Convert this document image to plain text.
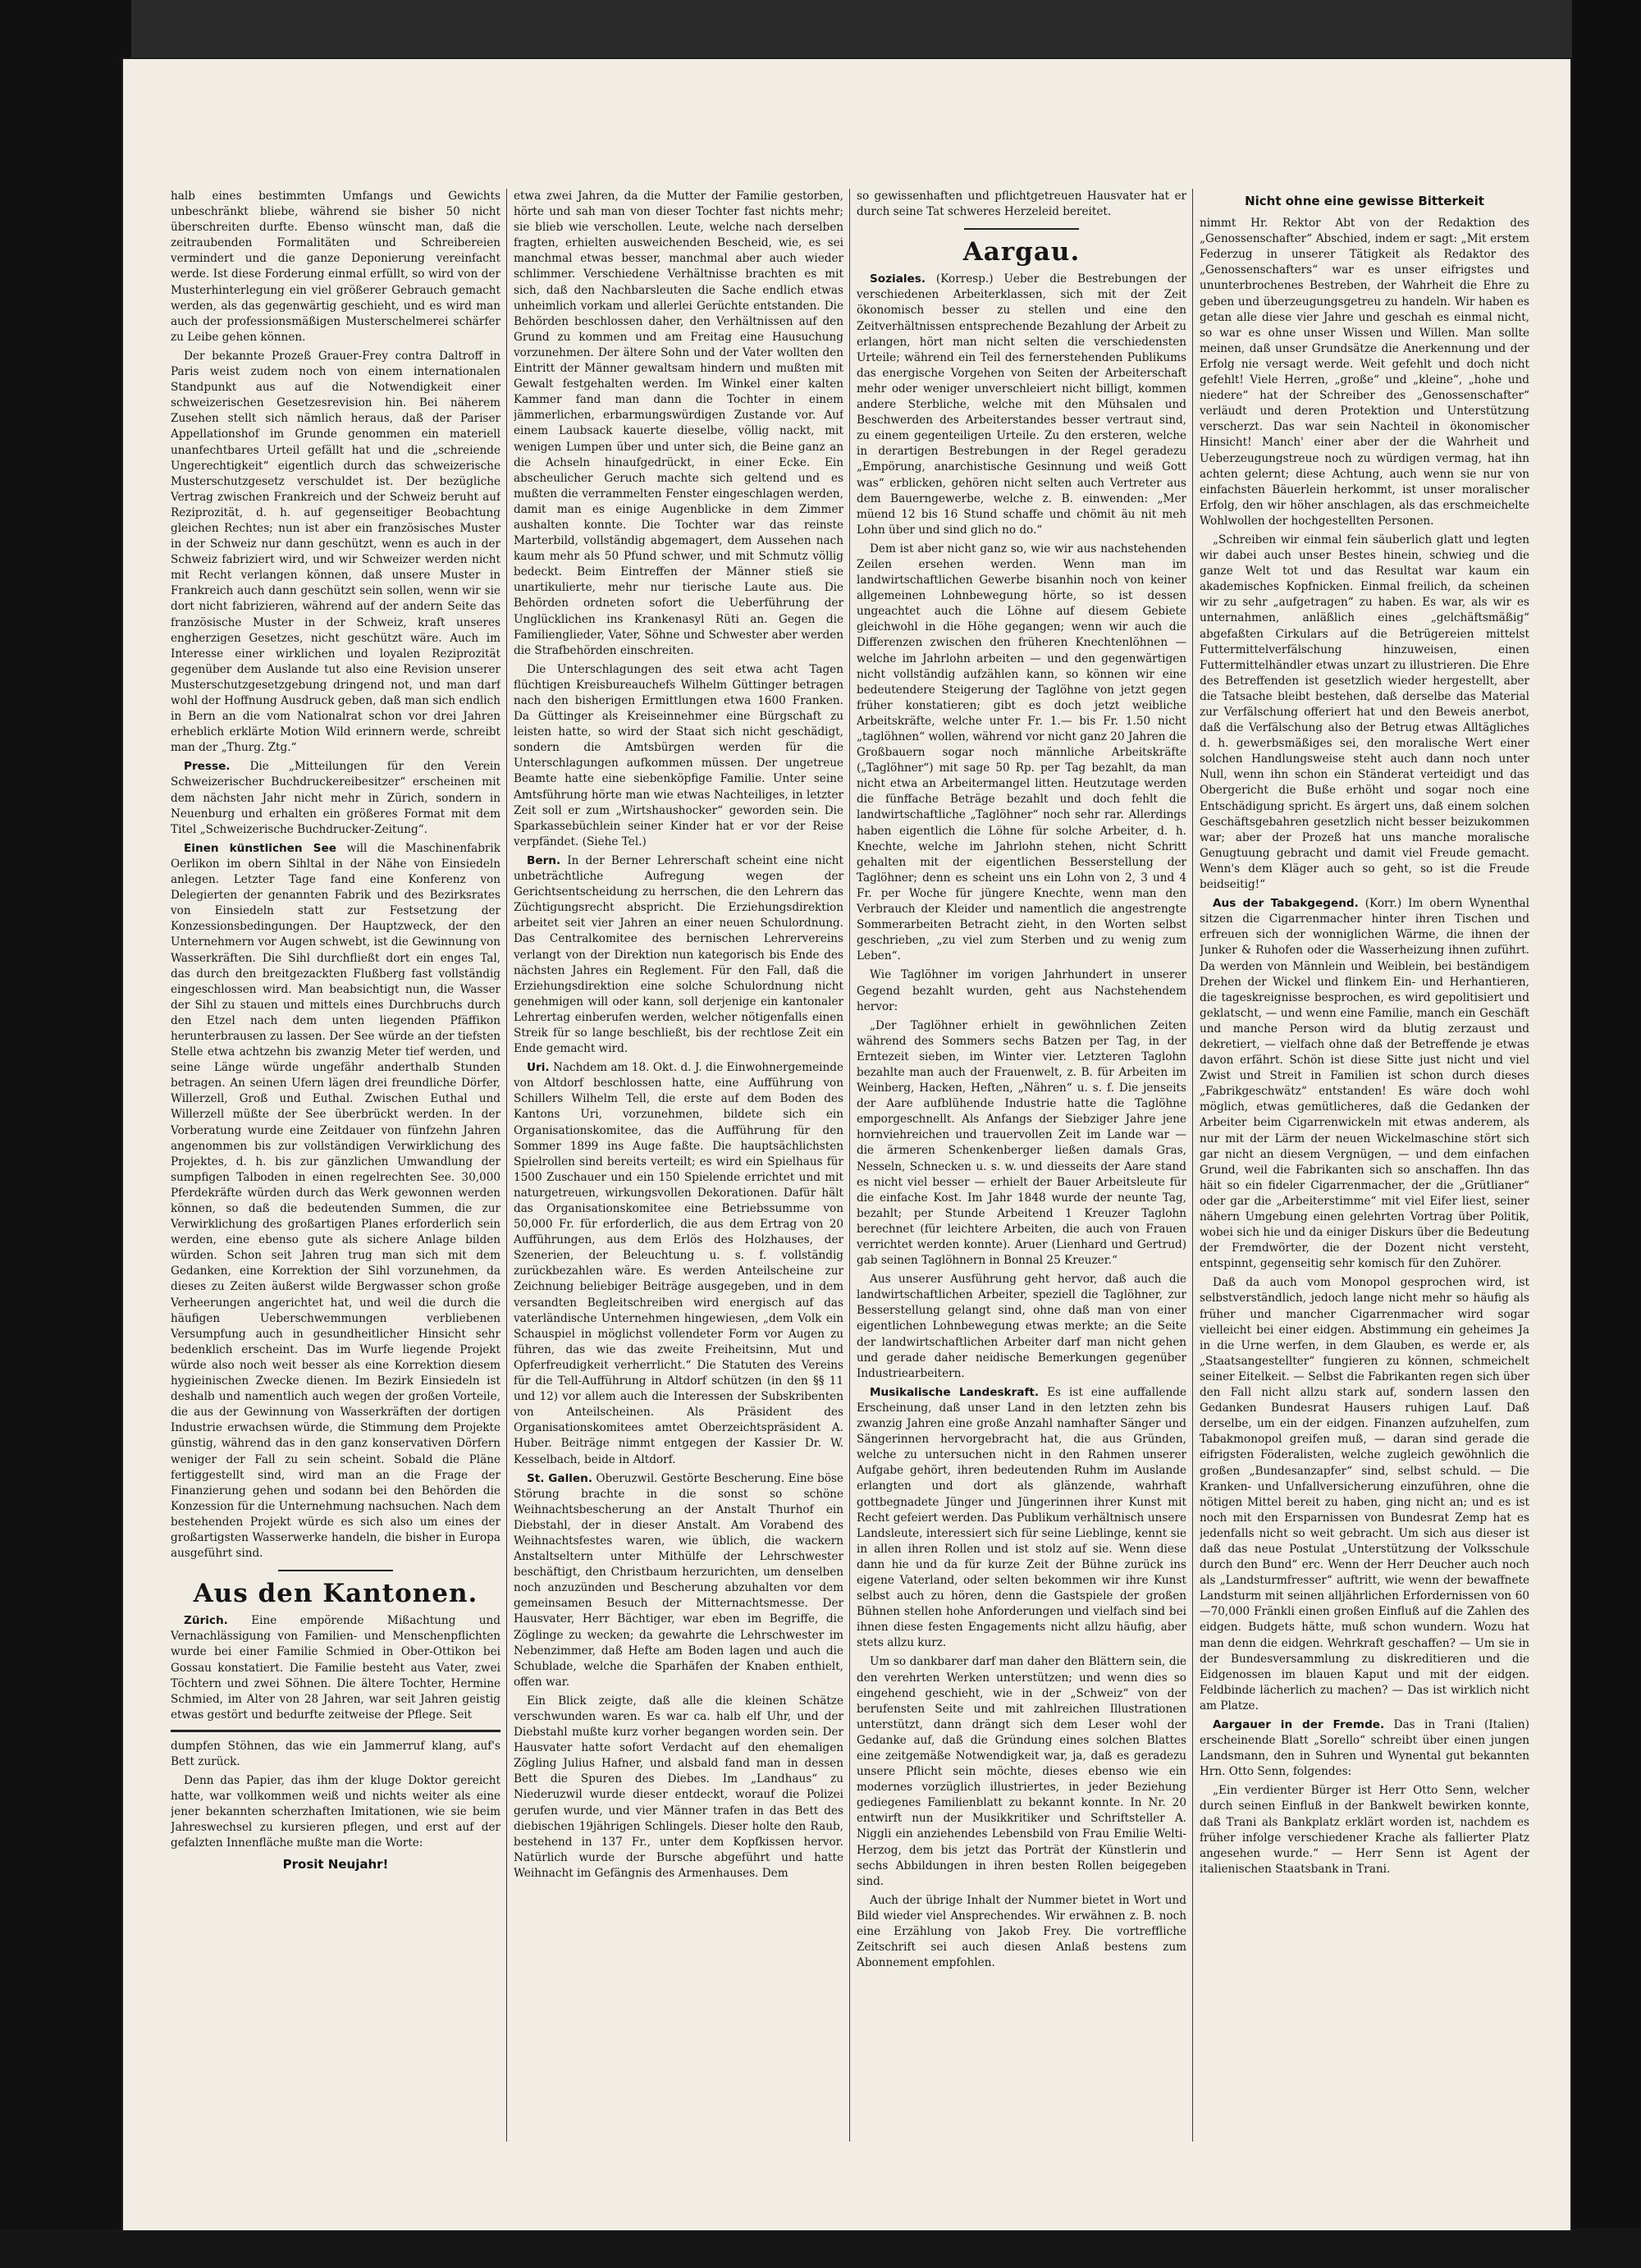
halb eines bestimmten Umfangs und Gewichts unbeschränkt bliebe, während sie bisher 50 nicht überschreiten durfte. Ebenso wünscht man, daß die zeitraubenden Formalitäten und Schreibereien vermindert und die ganze Deponierung vereinfacht werde. Ist diese Forderung einmal erfüllt, so wird von der Musterhinterlegung ein viel größerer Gebrauch gemacht werden, als das gegenwärtig geschieht, und es wird man auch der professionsmäßigen Musterschelmerei schärfer zu Leibe gehen können.

Der bekannte Prozeß Grauer-Frey contra Daltroff in Paris weist zudem noch von einem internationalen Standpunkt aus auf die Notwendigkeit einer schweizerischen Gesetzesrevision hin. Bei näherem Zusehen stellt sich nämlich heraus, daß der Pariser Appellationshof im Grunde genommen ein materiell unanfechtbares Urteil gefällt hat und die „schreiende Ungerechtigkeit“ eigentlich durch das schweizerische Musterschutzgesetz verschuldet ist. Der bezügliche Vertrag zwischen Frankreich und der Schweiz beruht auf Reziprozität, d. h. auf gegenseitiger Beobachtung gleichen Rechtes; nun ist aber ein französisches Muster in der Schweiz nur dann geschützt, wenn es auch in der Schweiz fabriziert wird, und wir Schweizer werden nicht mit Recht verlangen können, daß unsere Muster in Frankreich auch dann geschützt sein sollen, wenn wir sie dort nicht fabrizieren, während auf der andern Seite das französische Muster in der Schweiz, kraft unseres engherzigen Gesetzes, nicht geschützt wäre. Auch im Interesse einer wirklichen und loyalen Reziprozität gegenüber dem Auslande tut also eine Revision unserer Musterschutzgesetzgebung dringend not, und man darf wohl der Hoffnung Ausdruck geben, daß man sich endlich in Bern an die vom Nationalrat schon vor drei Jahren erheblich erklärte Motion Wild erinnern werde, schreibt man der „Thurg. Ztg.“

Presse. Die „Mitteilungen für den Verein Schweizerischer Buchdruckereibesitzer“ erscheinen mit dem nächsten Jahr nicht mehr in Zürich, sondern in Neuenburg und erhalten ein größeres Format mit dem Titel „Schweizerische Buchdrucker-Zeitung“.

Einen künstlichen See will die Maschinenfabrik Oerlikon im obern Sihltal in der Nähe von Einsiedeln anlegen. Letzter Tage fand eine Konferenz von Delegierten der genannten Fabrik und des Bezirksrates von Einsiedeln statt zur Festsetzung der Konzessionsbedingungen. Der Hauptzweck, der den Unternehmern vor Augen schwebt, ist die Gewinnung von Wasserkräften. Die Sihl durchfließt dort ein enges Tal, das durch den breitgezackten Flußberg fast vollständig eingeschlossen wird. Man beabsichtigt nun, die Wasser der Sihl zu stauen und mittels eines Durchbruchs durch den Etzel nach dem unten liegenden Pfäffikon herunterbrausen zu lassen. Der See würde an der tiefsten Stelle etwa achtzehn bis zwanzig Meter tief werden, und seine Länge würde ungefähr anderthalb Stunden betragen. An seinen Ufern lägen drei freundliche Dörfer, Willerzell, Groß und Euthal. Zwischen Euthal und Willerzell müßte der See überbrückt werden. In der Vorberatung wurde eine Zeitdauer von fünfzehn Jahren angenommen bis zur vollständigen Verwirklichung des Projektes, d. h. bis zur gänzlichen Umwandlung der sumpfigen Talboden in einen regelrechten See. 30,000 Pferdekräfte würden durch das Werk gewonnen werden können, so daß die bedeutenden Summen, die zur Verwirklichung des großartigen Planes erforderlich sein werden, eine ebenso gute als sichere Anlage bilden würden. Schon seit Jahren trug man sich mit dem Gedanken, eine Korrektion der Sihl vorzunehmen, da dieses zu Zeiten äußerst wilde Bergwasser schon große Verheerungen angerichtet hat, und weil die durch die häufigen Ueberschwemmungen verbliebenen Versumpfung auch in gesundheitlicher Hinsicht sehr bedenklich erscheint. Das im Wurfe liegende Projekt würde also noch weit besser als eine Korrektion diesem hygieinischen Zwecke dienen. Im Bezirk Einsiedeln ist deshalb und namentlich auch wegen der großen Vorteile, die aus der Gewinnung von Wasserkräften der dortigen Industrie erwachsen würde, die Stimmung dem Projekte günstig, während das in den ganz konservativen Dörfern weniger der Fall zu sein scheint. Sobald die Pläne fertiggestellt sind, wird man an die Frage der Finanzierung gehen und sodann bei den Behörden die Konzession für die Unternehmung nachsuchen. Nach dem bestehenden Projekt würde es sich also um eines der großartigsten Wasserwerke handeln, die bisher in Europa ausgeführt sind.

Aus den Kantonen.

Zürich. Eine empörende Mißachtung und Vernachlässigung von Familien- und Menschenpflichten wurde bei einer Familie Schmied in Ober-Ottikon bei Gossau konstatiert. Die Familie besteht aus Vater, zwei Töchtern und zwei Söhnen. Die ältere Tochter, Hermine Schmied, im Alter von 28 Jahren, war seit Jahren geistig etwas gestört und bedurfte zeitweise der Pflege. Seit

dumpfen Stöhnen, das wie ein Jammerruf klang, auf's Bett zurück.

Denn das Papier, das ihm der kluge Doktor gereicht hatte, war vollkommen weiß und nichts weiter als eine jener bekannten scherzhaften Imitationen, wie sie beim Jahreswechsel zu kursieren pflegen, und erst auf der gefalzten Innenfläche mußte man die Worte:

Prosit Neujahr!

etwa zwei Jahren, da die Mutter der Familie gestorben, hörte und sah man von dieser Tochter fast nichts mehr; sie blieb wie verschollen. Leute, welche nach derselben fragten, erhielten ausweichenden Bescheid, wie, es sei manchmal etwas besser, manchmal aber auch wieder schlimmer. Verschiedene Verhältnisse brachten es mit sich, daß den Nachbarsleuten die Sache endlich etwas unheimlich vorkam und allerlei Gerüchte entstanden. Die Behörden beschlossen daher, den Verhältnissen auf den Grund zu kommen und am Freitag eine Hausuchung vorzunehmen. Der ältere Sohn und der Vater wollten den Eintritt der Männer gewaltsam hindern und mußten mit Gewalt festgehalten werden. Im Winkel einer kalten Kammer fand man dann die Tochter in einem jämmerlichen, erbarmungswürdigen Zustande vor. Auf einem Laubsack kauerte dieselbe, völlig nackt, mit wenigen Lumpen über und unter sich, die Beine ganz an die Achseln hinaufgedrückt, in einer Ecke. Ein abscheulicher Geruch machte sich geltend und es mußten die verrammelten Fenster eingeschlagen werden, damit man es einige Augenblicke in dem Zimmer aushalten konnte. Die Tochter war das reinste Marterbild, vollständig abgemagert, dem Aussehen nach kaum mehr als 50 Pfund schwer, und mit Schmutz völlig bedeckt. Beim Eintreffen der Männer stieß sie unartikulierte, mehr nur tierische Laute aus. Die Behörden ordneten sofort die Ueberführung der Unglücklichen ins Krankenasyl Rüti an. Gegen die Familienglieder, Vater, Söhne und Schwester aber werden die Strafbehörden einschreiten.

Die Unterschlagungen des seit etwa acht Tagen flüchtigen Kreisbureauchefs Wilhelm Güttinger betragen nach den bisherigen Ermittlungen etwa 1600 Franken. Da Güttinger als Kreiseinnehmer eine Bürgschaft zu leisten hatte, so wird der Staat sich nicht geschädigt, sondern die Amtsbürgen werden für die Unterschlagungen aufkommen müssen. Der ungetreue Beamte hatte eine siebenköpfige Familie. Unter seine Amtsführung hörte man wie etwas Nachteiliges, in letzter Zeit soll er zum „Wirtshaushocker“ geworden sein. Die Sparkassebüchlein seiner Kinder hat er vor der Reise verpfändet. (Siehe Tel.)

Bern. In der Berner Lehrerschaft scheint eine nicht unbeträchtliche Aufregung wegen der Gerichtsentscheidung zu herrschen, die den Lehrern das Züchtigungsrecht abspricht. Die Erziehungsdirektion arbeitet seit vier Jahren an einer neuen Schulordnung. Das Centralkomitee des bernischen Lehrervereins verlangt von der Direktion nun kategorisch bis Ende des nächsten Jahres ein Reglement. Für den Fall, daß die Erziehungsdirektion eine solche Schulordnung nicht genehmigen will oder kann, soll derjenige ein kantonaler Lehrertag einberufen werden, welcher nötigenfalls einen Streik für so lange beschließt, bis der rechtlose Zeit ein Ende gemacht wird.

Uri. Nachdem am 18. Okt. d. J. die Einwohnergemeinde von Altdorf beschlossen hatte, eine Aufführung von Schillers Wilhelm Tell, die erste auf dem Boden des Kantons Uri, vorzunehmen, bildete sich ein Organisationskomitee, das die Aufführung für den Sommer 1899 ins Auge faßte. Die hauptsächlichsten Spielrollen sind bereits verteilt; es wird ein Spielhaus für 1500 Zuschauer und ein 150 Spielende errichtet und mit naturgetreuen, wirkungsvollen Dekorationen. Dafür hält das Organisationskomitee eine Betriebssumme von 50,000 Fr. für erforderlich, die aus dem Ertrag von 20 Aufführungen, aus dem Erlös des Holzhauses, der Szenerien, der Beleuchtung u. s. f. vollständig zurückbezahlen wäre. Es werden Anteilscheine zur Zeichnung beliebiger Beiträge ausgegeben, und in dem versandten Begleitschreiben wird energisch auf das vaterländische Unternehmen hingewiesen, „dem Volk ein Schauspiel in möglichst vollendeter Form vor Augen zu führen, das wie das zweite Freiheitsinn, Mut und Opferfreudigkeit verherrlicht.“ Die Statuten des Vereins für die Tell-Aufführung in Altdorf schützen (in den §§ 11 und 12) vor allem auch die Interessen der Subskribenten von Anteilscheinen. Als Präsident des Organisationskomitees amtet Oberzeichtspräsident A. Huber. Beiträge nimmt entgegen der Kassier Dr. W. Kesselbach, beide in Altdorf.

St. Gallen. Oberuzwil. Gestörte Bescherung. Eine böse Störung brachte in die sonst so schöne Weihnachtsbescherung an der Anstalt Thurhof ein Diebstahl, der in dieser Anstalt. Am Vorabend des Weihnachtsfestes waren, wie üblich, die wackern Anstaltseltern unter Mithülfe der Lehrschwester beschäftigt, den Christbaum herzurichten, um denselben noch anzuzünden und Bescherung abzuhalten vor dem gemeinsamen Besuch der Mitternachtsmesse. Der Hausvater, Herr Bächtiger, war eben im Begriffe, die Zöglinge zu wecken; da gewahrte die Lehrschwester im Nebenzimmer, daß Hefte am Boden lagen und auch die Schublade, welche die Sparhäfen der Knaben enthielt, offen war.

Ein Blick zeigte, daß alle die kleinen Schätze verschwunden waren. Es war ca. halb elf Uhr, und der Diebstahl mußte kurz vorher begangen worden sein. Der Hausvater hatte sofort Verdacht auf den ehemaligen Zögling Julius Hafner, und alsbald fand man in dessen Bett die Spuren des Diebes. Im „Landhaus“ zu Niederuzwil wurde dieser entdeckt, worauf die Polizei gerufen wurde, und vier Männer trafen in das Bett des diebischen 19jährigen Schlingels. Dieser holte den Raub, bestehend in 137 Fr., unter dem Kopfkissen hervor. Natürlich wurde der Bursche abgeführt und hatte Weihnacht im Gefängnis des Armenhauses. Dem

so gewissenhaften und pflichtgetreuen Hausvater hat er durch seine Tat schweres Herzeleid bereitet.

Aargau.

Soziales. (Korresp.) Ueber die Bestrebungen der verschiedenen Arbeiterklassen, sich mit der Zeit ökonomisch besser zu stellen und eine den Zeitverhältnissen entsprechende Bezahlung der Arbeit zu erlangen, hört man nicht selten die verschiedensten Urteile; während ein Teil des fernerstehenden Publikums das energische Vorgehen von Seiten der Arbeiterschaft mehr oder weniger unverschleiert nicht billigt, kommen andere Sterbliche, welche mit den Mühsalen und Beschwerden des Arbeiterstandes besser vertraut sind, zu einem gegenteiligen Urteile. Zu den ersteren, welche in derartigen Bestrebungen in der Regel geradezu „Empörung, anarchistische Gesinnung und weiß Gott was“ erblicken, gehören nicht selten auch Vertreter aus dem Bauerngewerbe, welche z. B. einwenden: „Mer müend 12 bis 16 Stund schaffe und chömit äu nit meh Lohn über und sind glich no do.“

Dem ist aber nicht ganz so, wie wir aus nachstehenden Zeilen ersehen werden. Wenn man im landwirtschaftlichen Gewerbe bisanhin noch von keiner allgemeinen Lohnbewegung hörte, so ist dessen ungeachtet auch die Löhne auf diesem Gebiete gleichwohl in die Höhe gegangen; wenn wir auch die Differenzen zwischen den früheren Knechtenlöhnen — welche im Jahrlohn arbeiten — und den gegenwärtigen nicht vollständig aufzählen kann, so können wir eine bedeutendere Steigerung der Taglöhne von jetzt gegen früher konstatieren; gibt es doch jetzt weibliche Arbeitskräfte, welche unter Fr. 1.— bis Fr. 1.50 nicht „taglöhnen“ wollen, während vor nicht ganz 20 Jahren die Großbauern sogar noch männliche Arbeitskräfte („Taglöhner“) mit sage 50 Rp. per Tag bezahlt, da man nicht etwa an Arbeitermangel litten. Heutzutage werden die fünffache Beträge bezahlt und doch fehlt die landwirtschaftliche „Taglöhner“ noch sehr rar. Allerdings haben eigentlich die Löhne für solche Arbeiter, d. h. Knechte, welche im Jahrlohn stehen, nicht Schritt gehalten mit der eigentlichen Besserstellung der Taglöhner; denn es scheint uns ein Lohn von 2, 3 und 4 Fr. per Woche für jüngere Knechte, wenn man den Verbrauch der Kleider und namentlich die angestrengte Sommerarbeiten Betracht zieht, in den Worten selbst geschrieben, „zu viel zum Sterben und zu wenig zum Leben“.

Wie Taglöhner im vorigen Jahrhundert in unserer Gegend bezahlt wurden, geht aus Nachstehendem hervor:

„Der Taglöhner erhielt in gewöhnlichen Zeiten während des Sommers sechs Batzen per Tag, in der Erntezeit sieben, im Winter vier. Letzteren Taglohn bezahlte man auch der Frauenwelt, z. B. für Arbeiten im Weinberg, Hacken, Heften, „Nähren“ u. s. f. Die jenseits der Aare aufblühende Industrie hatte die Taglöhne emporgeschnellt. Als Anfangs der Siebziger Jahre jene hornviehreichen und trauervollen Zeit im Lande war — die ärmeren Schenkenberger ließen damals Gras, Nesseln, Schnecken u. s. w. und diesseits der Aare stand es nicht viel besser — erhielt der Bauer Arbeitsleute für die einfache Kost. Im Jahr 1848 wurde der neunte Tag, bezahlt; per Stunde Arbeitend 1 Kreuzer Taglohn berechnet (für leichtere Arbeiten, die auch von Frauen verrichtet werden konnte). Aruer (Lienhard und Gertrud) gab seinen Taglöhnern in Bonnal 25 Kreuzer.“

Aus unserer Ausführung geht hervor, daß auch die landwirtschaftlichen Arbeiter, speziell die Taglöhner, zur Besserstellung gelangt sind, ohne daß man von einer eigentlichen Lohnbewegung etwas merkte; an die Seite der landwirtschaftlichen Arbeiter darf man nicht gehen und gerade daher neidische Bemerkungen gegenüber Industriearbeitern.

Musikalische Landeskraft. Es ist eine auffallende Erscheinung, daß unser Land in den letzten zehn bis zwanzig Jahren eine große Anzahl namhafter Sänger und Sängerinnen hervorgebracht hat, die aus Gründen, welche zu untersuchen nicht in den Rahmen unserer Aufgabe gehört, ihren bedeutenden Ruhm im Auslande erlangten und dort als glänzende, wahrhaft gottbegnadete Jünger und Jüngerinnen ihrer Kunst mit Recht gefeiert werden. Das Publikum verhältnisch unsere Landsleute, interessiert sich für seine Lieblinge, kennt sie in allen ihren Rollen und ist stolz auf sie. Wenn diese dann hie und da für kurze Zeit der Bühne zurück ins eigene Vaterland, oder selten bekommen wir ihre Kunst selbst auch zu hören, denn die Gastspiele der großen Bühnen stellen hohe Anforderungen und vielfach sind bei ihnen diese festen Engagements nicht allzu häufig, aber stets allzu kurz.

Um so dankbarer darf man daher den Blättern sein, die den verehrten Werken unterstützen; und wenn dies so eingehend geschieht, wie in der „Schweiz“ von der berufensten Seite und mit zahlreichen Illustrationen unterstützt, dann drängt sich dem Leser wohl der Gedanke auf, daß die Gründung eines solchen Blattes eine zeitgemäße Notwendigkeit war, ja, daß es geradezu unsere Pflicht sein möchte, dieses ebenso wie ein modernes vorzüglich illustriertes, in jeder Beziehung gediegenes Familienblatt zu bekannt konnte. In Nr. 20 entwirft nun der Musikkritiker und Schriftsteller A. Niggli ein anziehendes Lebensbild von Frau Emilie Welti-Herzog, dem bis jetzt das Porträt der Künstlerin und sechs Abbildungen in ihren besten Rollen beigegeben sind.

Auch der übrige Inhalt der Nummer bietet in Wort und Bild wieder viel Ansprechendes. Wir erwähnen z. B. noch eine Erzählung von Jakob Frey. Die vortreffliche Zeitschrift sei auch diesen Anlaß bestens zum Abonnement empfohlen.

Nicht ohne eine gewisse Bitterkeit

nimmt Hr. Rektor Abt von der Redaktion des „Genossenschafter“ Abschied, indem er sagt: „Mit erstem Federzug in unserer Tätigkeit als Redaktor des „Genossenschafters“ war es unser eifrigstes und ununterbrochenes Bestreben, der Wahrheit die Ehre zu geben und überzeugungsgetreu zu handeln. Wir haben es getan alle diese vier Jahre und geschah es einmal nicht, so war es ohne unser Wissen und Willen. Man sollte meinen, daß unser Grundsätze die Anerkennung und der Erfolg nie versagt werde. Weit gefehlt und doch nicht gefehlt! Viele Herren, „große“ und „kleine“, „hohe und niedere“ hat der Schreiber des „Genossenschafter“ verläudt und deren Protektion und Unterstützung verscherzt. Das war sein Nachteil in ökonomischer Hinsicht! Manch' einer aber der die Wahrheit und Ueberzeugungstreue noch zu würdigen vermag, hat ihn achten gelernt; diese Achtung, auch wenn sie nur von einfachsten Bäuerlein herkommt, ist unser moralischer Erfolg, den wir höher anschlagen, als das erschmeichelte Wohlwollen der hochgestellten Personen.

„Schreiben wir einmal fein säuberlich glatt und legten wir dabei auch unser Bestes hinein, schwieg und die ganze Welt tot und das Resultat war kaum ein akademisches Kopfnicken. Einmal freilich, da scheinen wir zu sehr „aufgetragen“ zu haben. Es war, als wir es unternahmen, anläßlich eines „gelchäftsmäßig“ abgefaßten Cirkulars auf die Betrügereien mittelst Futtermittelverfälschung hinzuweisen, einen Futtermittelhändler etwas unzart zu illustrieren. Die Ehre des Betreffenden ist gesetzlich wieder hergestellt, aber die Tatsache bleibt bestehen, daß derselbe das Material zur Verfälschung offeriert hat und den Beweis anerbot, daß die Verfälschung also der Betrug etwas Alltägliches d. h. gewerbsmäßiges sei, den moralische Wert einer solchen Handlungsweise steht auch dann noch unter Null, wenn ihn schon ein Ständerat verteidigt und das Obergericht die Buße erhöht und sogar noch eine Entschädigung spricht. Es ärgert uns, daß einem solchen Geschäftsgebahren gesetzlich nicht besser beizukommen war; aber der Prozeß hat uns manche moralische Genugtuung gebracht und damit viel Freude gemacht. Wenn's dem Kläger auch so geht, so ist die Freude beidseitig!“

Aus der Tabakgegend. (Korr.) Im obern Wynenthal sitzen die Cigarrenmacher hinter ihren Tischen und erfreuen sich der wonniglichen Wärme, die ihnen der Junker & Ruhofen oder die Wasserheizung ihnen zuführt. Da werden von Männlein und Weiblein, bei beständigem Drehen der Wickel und flinkem Ein- und Herhantieren, die tageskreignisse besprochen, es wird gepolitisiert und geklatscht, — und wenn eine Familie, manch ein Geschäft und manche Person wird da blutig zerzaust und dekretiert, — vielfach ohne daß der Betreffende je etwas davon erfährt. Schön ist diese Sitte just nicht und viel Zwist und Streit in Familien ist schon durch dieses „Fabrikgeschwätz“ entstanden! Es wäre doch wohl möglich, etwas gemütlicheres, daß die Gedanken der Arbeiter beim Cigarrenwickeln mit etwas anderem, als nur mit der Lärm der neuen Wickelmaschine stört sich gar nicht an diesem Vergnügen, — und dem einfachen Grund, weil die Fabrikanten sich so anschaffen. Ihn das häit so ein fideler Cigarrenmacher, der die „Grütlianer“ oder gar die „Arbeiterstimme“ mit viel Eifer liest, seiner nähern Umgebung einen gelehrten Vortrag über Politik, wobei sich hie und da einiger Diskurs über die Bedeutung der Fremdwörter, die der Dozent nicht versteht, entspinnt, gegenseitig sehr komisch für den Zuhörer.

Daß da auch vom Monopol gesprochen wird, ist selbstverständlich, jedoch lange nicht mehr so häufig als früher und mancher Cigarrenmacher wird sogar vielleicht bei einer eidgen. Abstimmung ein geheimes Ja in die Urne werfen, in dem Glauben, es werde er, als „Staatsangestellter“ fungieren zu können, schmeichelt seiner Eitelkeit. — Selbst die Fabrikanten regen sich über den Fall nicht allzu stark auf, sondern lassen den Gedanken Bundesrat Hausers ruhigen Lauf. Daß derselbe, um ein der eidgen. Finanzen aufzuhelfen, zum Tabakmonopol greifen muß, — daran sind gerade die eifrigsten Föderalisten, welche zugleich gewöhnlich die großen „Bundesanzapfer“ sind, selbst schuld. — Die Kranken- und Unfallversicherung einzuführen, ohne die nötigen Mittel bereit zu haben, ging nicht an; und es ist noch mit den Ersparnissen von Bundesrat Zemp hat es jedenfalls nicht so weit gebracht. Um sich aus dieser ist daß das neue Postulat „Unterstützung der Volksschule durch den Bund“ erc. Wenn der Herr Deucher auch noch als „Landsturmfresser“ auftritt, wie wenn der bewaffnete Landsturm mit seinen alljährlichen Erfordernissen von 60—70,000 Fränkli einen großen Einfluß auf die Zahlen des eidgen. Budgets hätte, muß schon wundern. Wozu hat man denn die eidgen. Wehrkraft geschaffen? — Um sie in der Bundesversammlung zu diskreditieren und die Eidgenossen im blauen Kaput und mit der eidgen. Feldbinde lächerlich zu machen? — Das ist wirklich nicht am Platze.

Aargauer in der Fremde. Das in Trani (Italien) erscheinende Blatt „Sorello“ schreibt über einen jungen Landsmann, den in Suhren und Wynental gut bekannten Hrn. Otto Senn, folgendes:

„Ein verdienter Bürger ist Herr Otto Senn, welcher durch seinen Einfluß in der Bankwelt bewirken konnte, daß Trani als Bankplatz erklärt worden ist, nachdem es früher infolge verschiedener Krache als fallierter Platz angesehen wurde.“ — Herr Senn ist Agent der italienischen Staatsbank in Trani.
